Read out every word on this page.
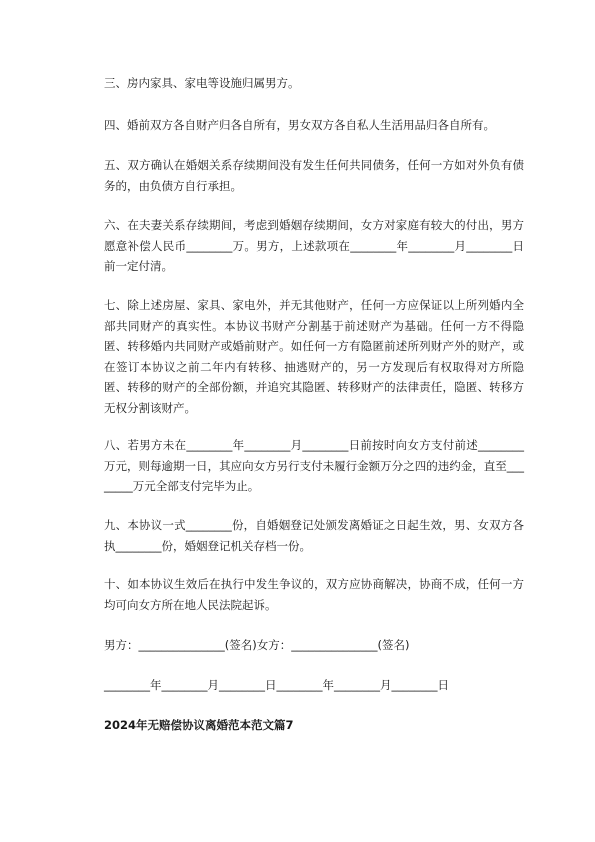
三、房内家具、家电等设施归属男方。

四、婚前双方各自财产归各自所有，男女双方各自私人生活用品归各自所有。

五、双方确认在婚姻关系存续期间没有发生任何共同债务，任何一方如对外负有债务的，由负债方自行承担。

六、在夫妻关系存续期间，考虑到婚姻存续期间，女方对家庭有较大的付出，男方愿意补偿人民币________万。男方，上述款项在________年________月________日前一定付清。

七、除上述房屋、家具、家电外，并无其他财产，任何一方应保证以上所列婚内全部共同财产的真实性。本协议书财产分割基于前述财产为基础。任何一方不得隐匿、转移婚内共同财产或婚前财产。如任何一方有隐匿前述所列财产外的财产，或在签订本协议之前二年内有转移、抽逃财产的，另一方发现后有权取得对方所隐匿、转移的财产的全部份额，并追究其隐匿、转移财产的法律责任，隐匿、转移方无权分割该财产。

八、若男方未在________年________月________日前按时向女方支付前述________万元，则每逾期一日，其应向女方另行支付未履行金额万分之四的违约金，直至________万元全部支付完毕为止。

九、本协议一式________份，自婚姻登记处颁发离婚证之日起生效，男、女双方各执________份，婚姻登记机关存档一份。

十、如本协议生效后在执行中发生争议的，双方应协商解决，协商不成，任何一方均可向女方所在地人民法院起诉。

男方：_______________(签名)女方：_______________(签名)

________年________月________日________年________月________日

2024年无赔偿协议离婚范本范文篇7
